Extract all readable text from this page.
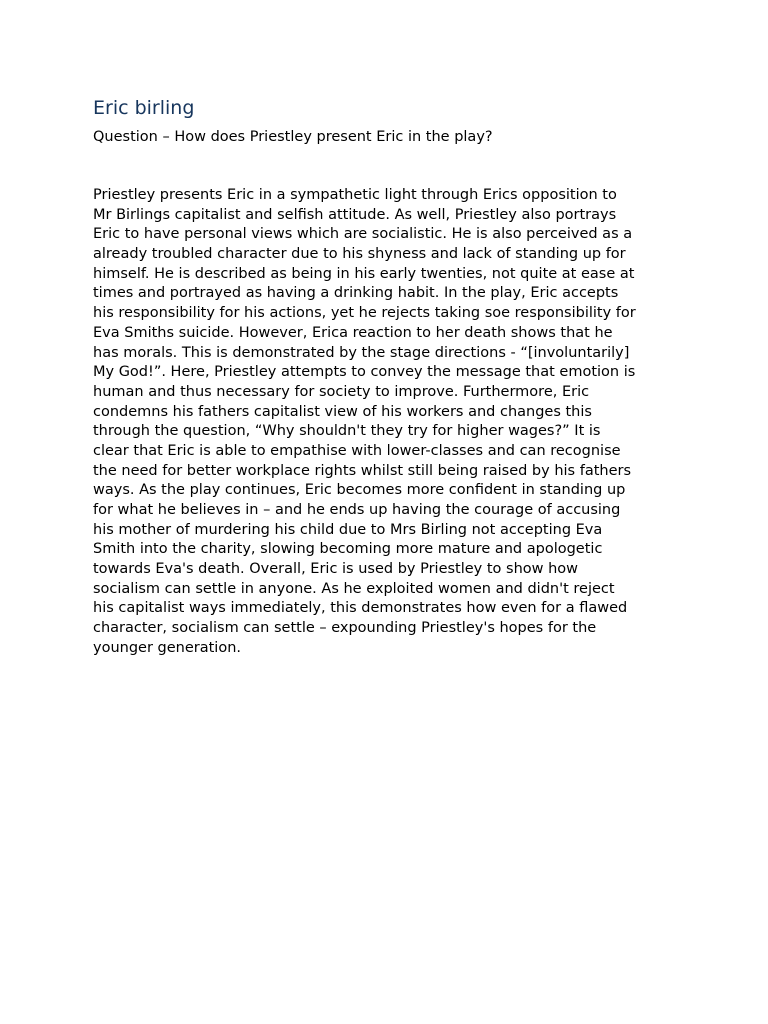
Eric birling
Question – How does Priestley present Eric in the play?
Priestley presents Eric in a sympathetic light through Erics opposition to
Mr Birlings capitalist and selfish attitude. As well, Priestley also portrays
Eric to have personal views which are socialistic. He is also perceived as a
already troubled character due to his shyness and lack of standing up for
himself. He is described as being in his early twenties, not quite at ease at
times and portrayed as having a drinking habit. In the play, Eric accepts
his responsibility for his actions, yet he rejects taking soe responsibility for
Eva Smiths suicide. However, Erica reaction to her death shows that he
has morals. This is demonstrated by the stage directions - “[involuntarily]
My God!”. Here, Priestley attempts to convey the message that emotion is
human and thus necessary for society to improve. Furthermore, Eric
condemns his fathers capitalist view of his workers and changes this
through the question, “Why shouldn't they try for higher wages?” It is
clear that Eric is able to empathise with lower-classes and can recognise
the need for better workplace rights whilst still being raised by his fathers
ways. As the play continues, Eric becomes more confident in standing up
for what he believes in – and he ends up having the courage of accusing
his mother of murdering his child due to Mrs Birling not accepting Eva
Smith into the charity, slowing becoming more mature and apologetic
towards Eva's death. Overall, Eric is used by Priestley to show how
socialism can settle in anyone. As he exploited women and didn't reject
his capitalist ways immediately, this demonstrates how even for a flawed
character, socialism can settle – expounding Priestley's hopes for the
younger generation.
